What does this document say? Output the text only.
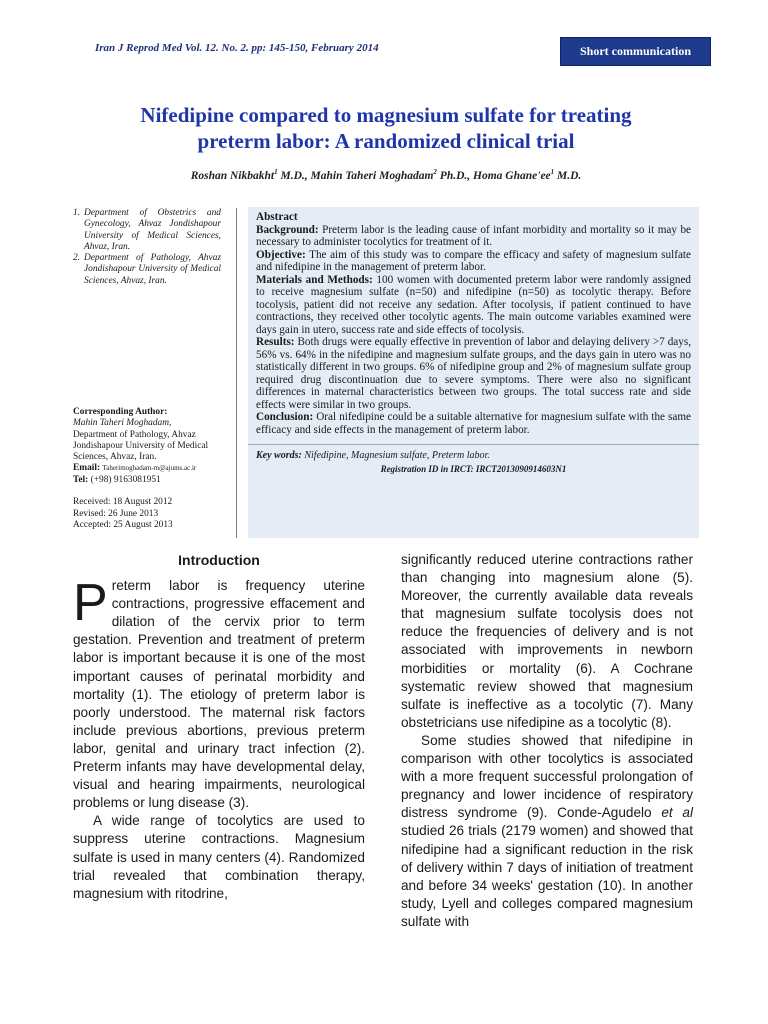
Iran J Reprod Med Vol. 12. No. 2. pp: 145-150, February 2014	Short communication
Nifedipine compared to magnesium sulfate for treating
preterm labor: A randomized clinical trial
Roshan Nikbakht$^1$ M.D., Mahin Taheri Moghadam$^2$ Ph.D., Homa $Ghane'ee^1$ M.D.
1. Department of Obstetrics and Gynecology, Ahvaz Jondishapour University of Medical Sciences, Ahvaz, Iran.
2. Department of Pathology, Ahvaz Jondishapour University of Medical Sciences, Ahvaz, Iran.
Corresponding Author:
Mahin Taheri Moghadam,
Department of Pathology, Ahvaz Jondishapour University of Medical Sciences, Ahvaz, Iran.
Email: Taherimoghadam-m@ajums.ac.ir
Tel: (+98) 9163081951
Received: 18 August 2012
Revised: 26 June 2013
Accepted: 25 August 2013

Abstract

Background: Preterm labor is the leading cause of infant morbidity and mortality so it may be necessary to administer tocolytics for treatment of it.

Objective: The aim of this study was to compare the efficacy and safety of magnesium sulfate and nifedipine in the management of preterm labor.

Materials and Methods: 100 women with documented preterm labor were randomly assigned to receive magnesium sulfate (n=50) and nifedipine (n=50) as tocolytic therapy. Before tocolysis, patient did not receive any sedation. After tocolysis, if patient continued to have contractions, they received other tocolytic agents. The main outcome variables examined were days gain in utero, success rate and side effects of tocolysis.

Results: Both drugs were equally effective in prevention of labor and delaying delivery >7 days, 56% vs. 64% in the nifedipine and magnesium sulfate groups, and the days gain in utero was no statistically different in two groups. 6% of nifedipine group and 2% of magnesium sulfate group required drug discontinuation due to severe symptoms. There were also no significant differences in maternal characteristics between two groups. The total success rate and side effects were similar in two groups.

Conclusion: Oral nifedipine could be a suitable alternative for magnesium sulfate with the same efficacy and side effects in the management of preterm labor.

Key words: Nifedipine, Magnesium sulfate, Preterm labor.

Registration ID in IRCT: IRCT2013090914603N1

Introduction

Preterm labor is frequency uterine contractions, progressive effacement and dilation of the cervix prior to term gestation. Prevention and treatment of preterm labor is important because it is one of the most important causes of perinatal morbidity and mortality (1). The etiology of preterm labor is poorly understood. The maternal risk factors include previous abortions, previous preterm labor, genital and urinary tract infection (2). Preterm infants may have developmental delay, visual and hearing impairments, neurological problems or lung disease (3).

A wide range of tocolytics are used to suppress uterine contractions. Magnesium sulfate is used in many centers (4). Randomized trial revealed that combination therapy, magnesium with ritodrine,

significantly reduced uterine contractions rather than changing into magnesium alone (5). Moreover, the currently available data reveals that magnesium sulfate tocolysis does not reduce the frequencies of delivery and is not associated with improvements in newborn morbidities or mortality (6). A Cochrane systematic review showed that magnesium sulfate is ineffective as a tocolytic (7). Many obstetricians use nifedipine as a tocolytic (8).

Some studies showed that nifedipine in comparison with other tocolytics is associated with a more frequent successful prolongation of pregnancy and lower incidence of respiratory distress syndrome (9). Conde-Agudelo et al studied 26 trials (2179 women) and showed that nifedipine had a significant reduction in the risk of delivery within 7 days of initiation of treatment and before 34 weeks' gestation (10). In another study, Lyell and colleges compared magnesium sulfate with
